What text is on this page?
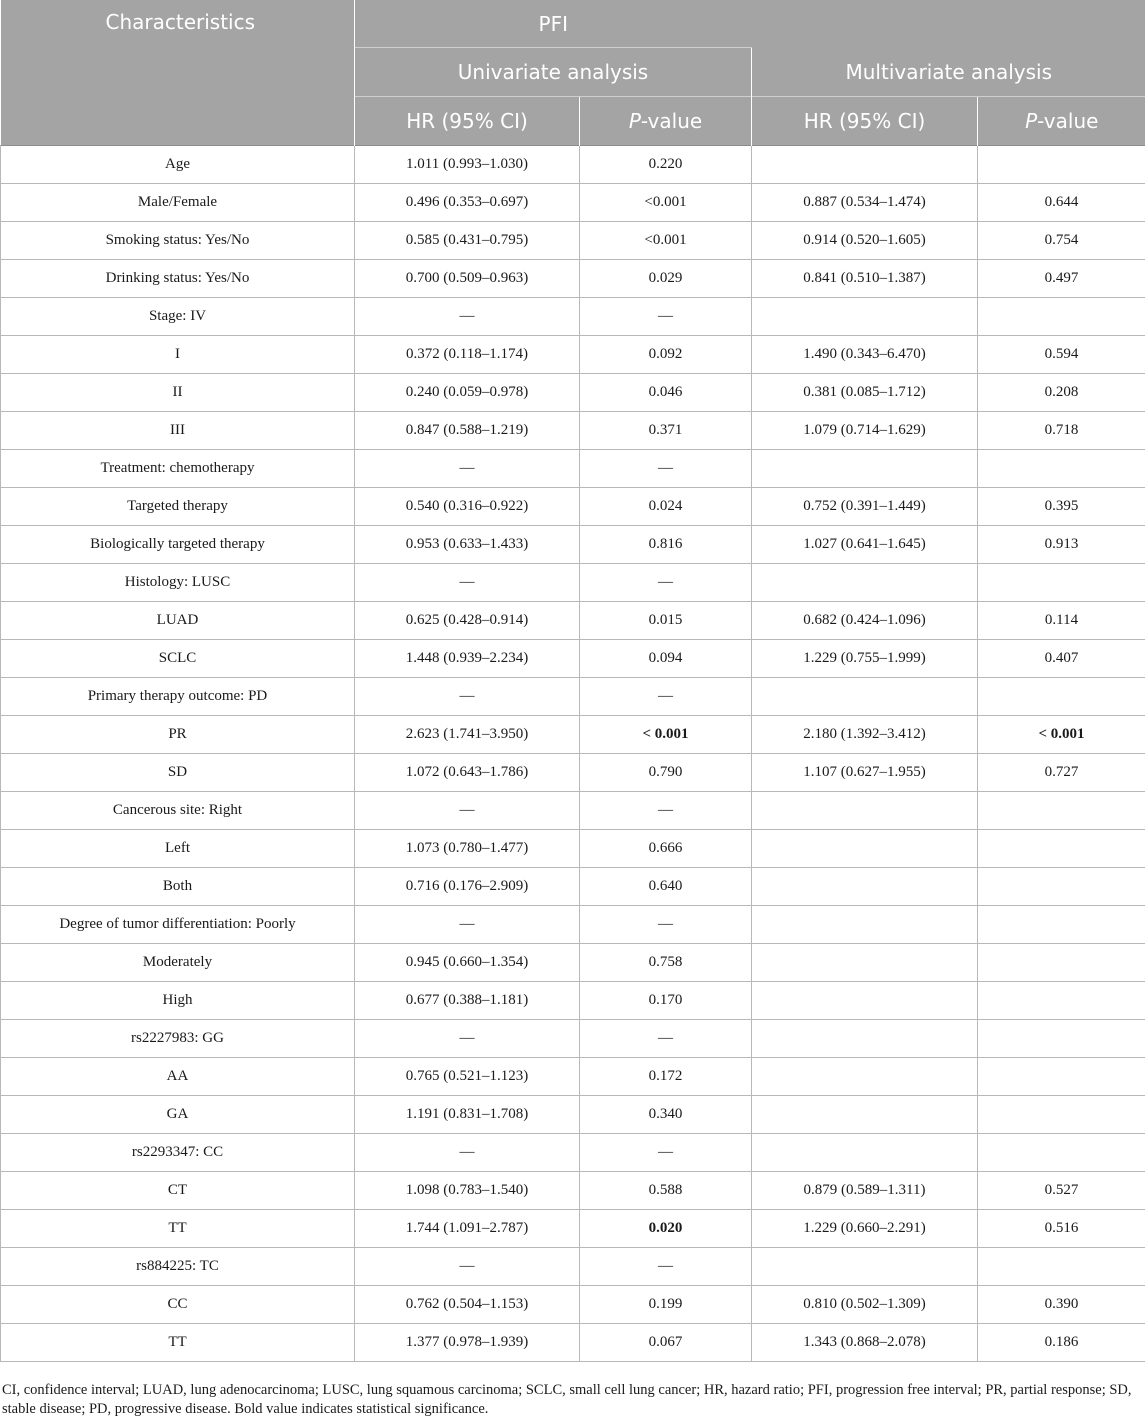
Characteristics	PFI			
	Univariate analysis		Multivariate analysis	
	HR (95% CI)	P-value	HR (95% CI)	P-value
Age	1.011 (0.993–1.030)	0.220		
Male/Female	0.496 (0.353–0.697)	<0.001	0.887 (0.534–1.474)	0.644
Smoking status: Yes/No	0.585 (0.431–0.795)	<0.001	0.914 (0.520–1.605)	0.754
Drinking status: Yes/No	0.700 (0.509–0.963)	0.029	0.841 (0.510–1.387)	0.497
Stage: IV	—	—		
I	0.372 (0.118–1.174)	0.092	1.490 (0.343–6.470)	0.594
II	0.240 (0.059–0.978)	0.046	0.381 (0.085–1.712)	0.208
III	0.847 (0.588–1.219)	0.371	1.079 (0.714–1.629)	0.718
Treatment: chemotherapy	—	—		
Targeted therapy	0.540 (0.316–0.922)	0.024	0.752 (0.391–1.449)	0.395
Biologically targeted therapy	0.953 (0.633–1.433)	0.816	1.027 (0.641–1.645)	0.913
Histology: LUSC	—	—		
LUAD	0.625 (0.428–0.914)	0.015	0.682 (0.424–1.096)	0.114
SCLC	1.448 (0.939–2.234)	0.094	1.229 (0.755–1.999)	0.407
Primary therapy outcome: PD	—	—		
PR	2.623 (1.741–3.950)	< 0.001	2.180 (1.392–3.412)	< 0.001
SD	1.072 (0.643–1.786)	0.790	1.107 (0.627–1.955)	0.727
Cancerous site: Right	—	—		
Left	1.073 (0.780–1.477)	0.666		
Both	0.716 (0.176–2.909)	0.640		
Degree of tumor differentiation: Poorly	—	—		
Moderately	0.945 (0.660–1.354)	0.758		
High	0.677 (0.388–1.181)	0.170		
rs2227983: GG	—	—		
AA	0.765 (0.521–1.123)	0.172		
GA	1.191 (0.831–1.708)	0.340		
rs2293347: CC	—	—		
CT	1.098 (0.783–1.540)	0.588	0.879 (0.589–1.311)	0.527
TT	1.744 (1.091–2.787)	0.020	1.229 (0.660–2.291)	0.516
rs884225: TC	—	—		
CC	0.762 (0.504–1.153)	0.199	0.810 (0.502–1.309)	0.390
TT	1.377 (0.978–1.939)	0.067	1.343 (0.868–2.078)	0.186

CI, confidence interval; LUAD, lung adenocarcinoma; LUSC, lung squamous carcinoma; SCLC, small cell lung cancer; HR, hazard ratio; PFI, progression free interval; PR, partial response; SD, stable disease; PD, progressive disease. Bold value indicates statistical significance.
